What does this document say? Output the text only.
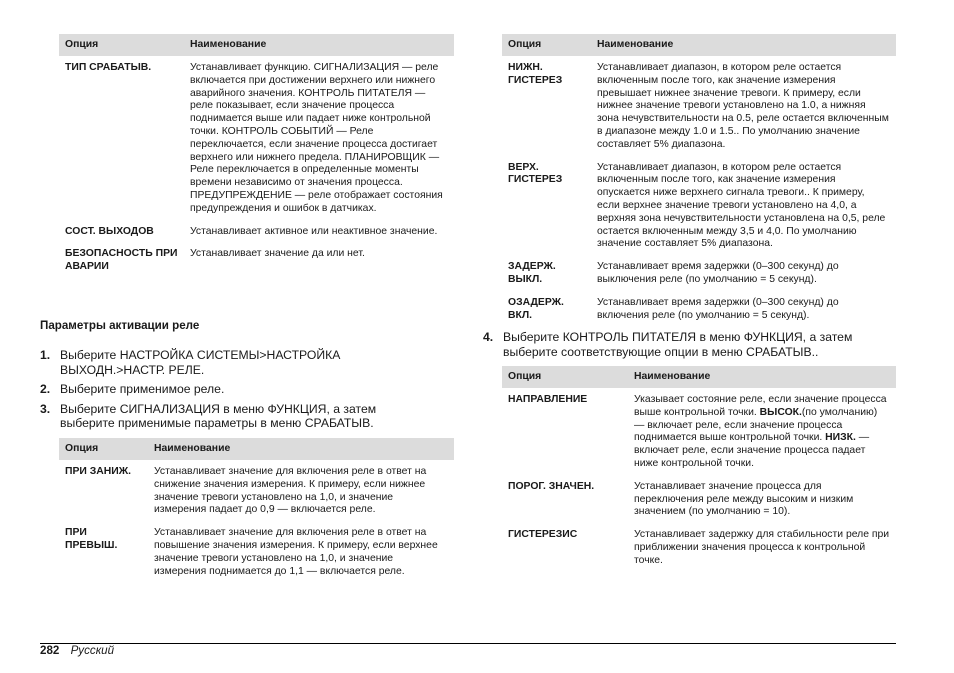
Опция	Наименование
ТИП СРАБАТЫВ.	Устанавливает функцию. СИГНАЛИЗАЦИЯ — реле включается при достижении верхнего или нижнего аварийного значения. КОНТРОЛЬ ПИТАТЕЛЯ — реле показывает, если значение процесса поднимается выше или падает ниже контрольной точки. КОНТРОЛЬ СОБЫТИЙ — Реле переключается, если значение процесса достигает верхнего или нижнего предела. ПЛАНИРОВЩИК — Реле переключается в определенные моменты времени независимо от значения процесса. ПРЕДУПРЕЖДЕНИЕ — реле отображает состояния предупреждения и ошибок в датчиках.
СОСТ. ВЫХОДОВ	Устанавливает активное или неактивное значение.
БЕЗОПАСНОСТЬ ПРИ АВАРИИ	Устанавливает значение да или нет.
Параметры активации реле
1. Выберите НАСТРОЙКА СИСТЕМЫ>НАСТРОЙКА ВЫХОДН.>НАСТР. РЕЛЕ.
2. Выберите применимое реле.
3. Выберите СИГНАЛИЗАЦИЯ в меню ФУНКЦИЯ, а затем выберите применимые параметры в меню СРАБАТЫВ.
Опция	Наименование
ПРИ ЗАНИЖ.	Устанавливает значение для включения реле в ответ на снижение значения измерения. К примеру, если нижнее значение тревоги установлено на 1,0, и значение измерения падает до 0,9 — включается реле.
ПРИ ПРЕВЫШ.	Устанавливает значение для включения реле в ответ на повышение значения измерения. К примеру, если верхнее значение тревоги установлено на 1,0, и значение измерения поднимается до 1,1 — включается реле.
Опция	Наименование
НИЖН. ГИСТЕРЕЗ	Устанавливает диапазон, в котором реле остается включенным после того, как значение измерения превышает нижнее значение тревоги. К примеру, если нижнее значение тревоги установлено на 1.0, а нижняя зона нечувствительности на 0.5, реле остается включенным в диапазоне между 1.0 и 1.5.. По умолчанию значение составляет 5% диапазона.
ВЕРХ. ГИСТЕРЕЗ	Устанавливает диапазон, в котором реле остается включенным после того, как значение измерения опускается ниже верхнего сигнала тревоги.. К примеру, если верхнее значение тревоги установлено на 4,0, а верхняя зона нечувствительности установлена на 0,5, реле остается включенным между 3,5 и 4,0. По умолчанию значение составляет 5% диапазона.
ЗАДЕРЖ. ВЫКЛ.	Устанавливает время задержки (0–300 секунд) до выключения реле (по умолчанию = 5 секунд).
ОЗАДЕРЖ. ВКЛ.	Устанавливает время задержки (0–300 секунд) до включения реле (по умолчанию = 5 секунд).
4. Выберите КОНТРОЛЬ ПИТАТЕЛЯ в меню ФУНКЦИЯ, а затем выберите соответствующие опции в меню СРАБАТЫВ..
Опция	Наименование
НАПРАВЛЕНИЕ	Указывает состояние реле, если значение процесса выше контрольной точки. ВЫСОК.(по умолчанию) — включает реле, если значение процесса поднимается выше контрольной точки. НИЗК. — включает реле, если значение процесса падает ниже контрольной точки.
ПОРОГ. ЗНАЧЕН.	Устанавливает значение процесса для переключения реле между высоким и низким значением (по умолчанию = 10).
ГИСТЕРЕЗИС	Устанавливает задержку для стабильности реле при приближении значения процесса к контрольной точке.
282 Русский
